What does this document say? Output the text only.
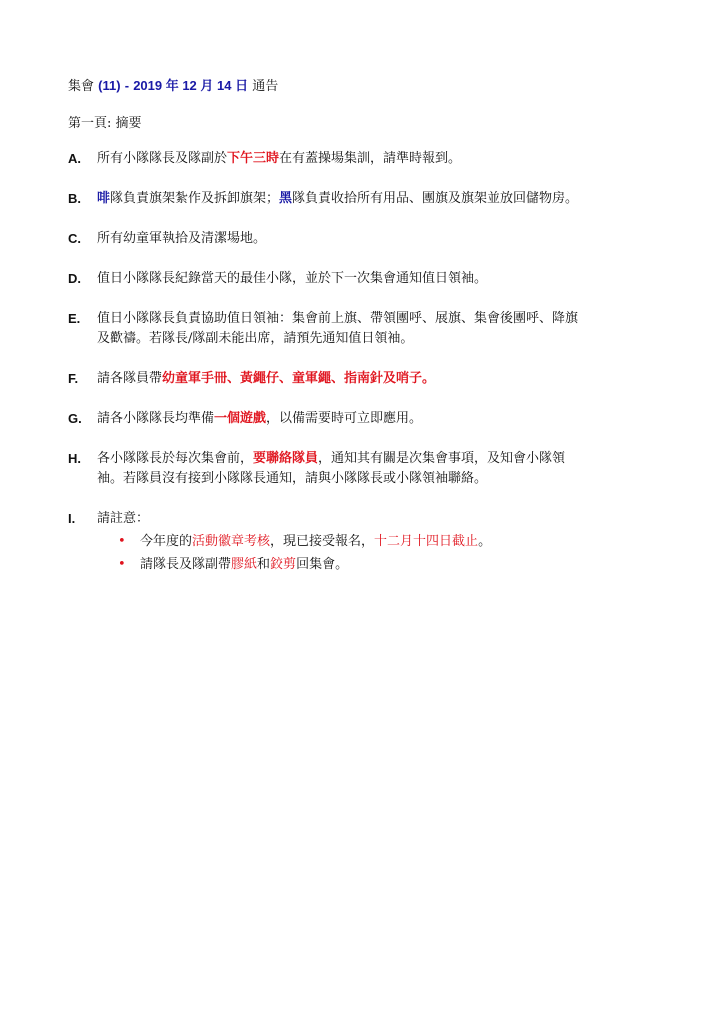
集會 (11) - 2019 年 12 月 14 日 通告
第一頁: 摘要
A. 所有小隊隊長及隊副於下午三時在有蓋操場集訓，請準時報到。
B. 啡隊負責旗架紮作及拆卸旗架；黑隊負責收拾所有用品、團旗及旗架並放回儲物房。
C. 所有幼童軍執拾及清潔場地。
D. 值日小隊隊長紀錄當天的最佳小隊，並於下一次集會通知值日領袖。
E. 值日小隊隊長負責協助值日領袖：集會前上旗、帶領團呼、展旗、集會後團呼、降旗
及歡禱。若隊長/隊副未能出席，請預先通知值日領袖。
F. 請各隊員帶幼童軍手冊、黃繩仔、童軍繩、指南針及哨子。
G. 請各小隊隊長均準備一個遊戲，以備需要時可立即應用。
H. 各小隊隊長於每次集會前，要聯絡隊員，通知其有關是次集會事項，及知會小隊領
袖。若隊員沒有接到小隊隊長通知，請與小隊隊長或小隊領袖聯絡。
I. 請註意：
• 今年度的活動徽章考核，現已接受報名，十二月十四日截止。
• 請隊長及隊副帶膠紙和鉸剪回集會。
